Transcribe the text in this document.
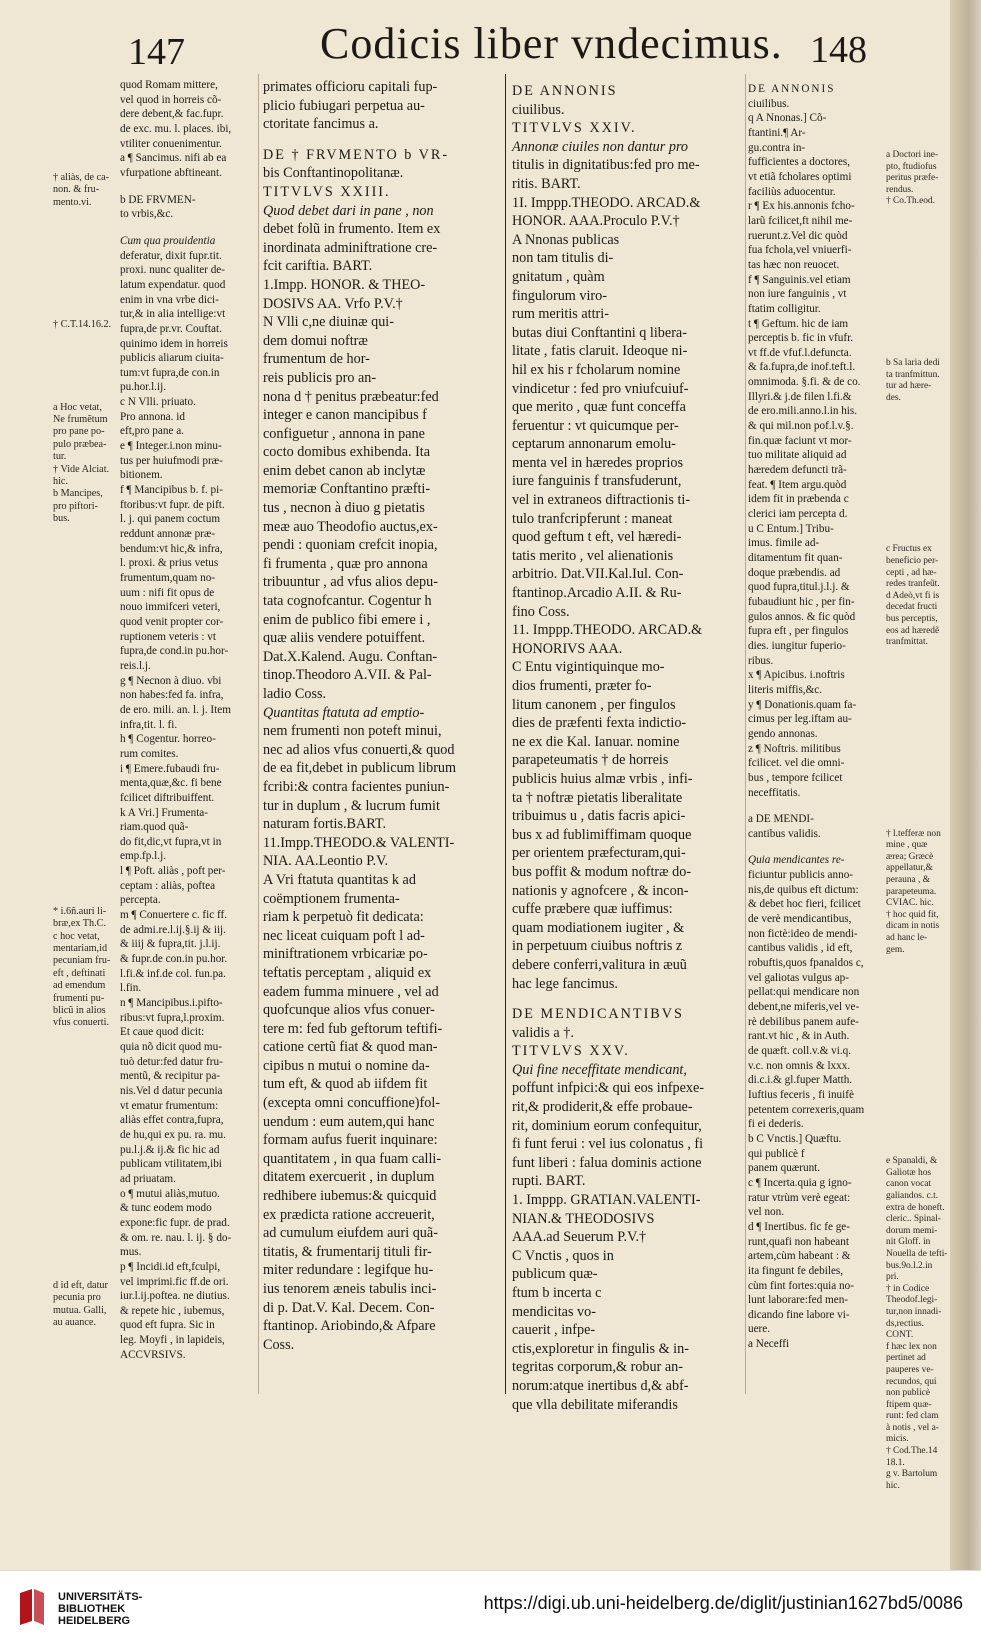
147	Codicis liber vndecimus. 148

† aliàs, de ca-
non. & fru-
mento.vi.

† C.T.14.16.2.

a Hoc vetat,
Ne frumẽtum
pro pane po-
pulo præbea-
tur.
† Vide Alciat.
hic.
b Mancipes,
pro piftori-
bus.

* i.6ñ.auri li-
bræ,ex Th.C.
c hoc vetat,
mentariam,id
pecuniam fru-
eft , deftinati
ad emendum
frumenti pu-
blicũ in alios
vfus conuerti.

d id eft, datur
pecunia pro
mutua. Galli,
au auance.

quod Romam mittere,

vel quod in horreis cõ-

dere debent,& fac.fupr.

de exc. mu. l. places. ibi,

vtiliter conuenimentur.

a ¶ Sancimus. nifi ab ea

vfurpatione abftineant.

b DE FRVMEN-

to vrbis,&c.

Cum qua prouidentia

deferatur, dixit fupr.tit.

proxi. nunc qualiter de-

latum expendatur. quod

enim in vna vrbe dici-

tur,& in alia intellige:vt

fupra,de pr.vr. Couftat.

quinimo idem in horreis

publicis aliarum ciuita-

tum:vt fupra,de con.in

pu.hor.l.ij.

c N Vlli. priuato.

Pro annona. id

eft,pro pane a.

e ¶ Integer.i.non minu-

tus per huiufmodi præ-

bitionem.

f ¶ Mancipibus b. f. pi-

ftoribus:vt fupr. de pift.

l. j. qui panem coctum

reddunt annonæ præ-

bendum:vt hic,& infra,

l. proxi. & prius vetus

frumentum,quam no-

uum : nifi fit opus de

nouo immifceri veteri,

quod venit propter cor-

ruptionem veteris : vt

fupra,de cond.in pu.hor-

reis.l.j.

g ¶ Necnon à diuo. vbi

non habes:fed fa. infra,

de ero. mili. an. l. j. Item

infra,tit. l. fi.

h ¶ Cogentur. horreo-

rum comites.

i ¶ Emere.fubaudi fru-

menta,quæ,&c. fi bene

fcilicet diftribuiffent.

k A Vri.] Frumenta-

riam.quod quã-

do fit,dic,vt fupra,vt in

emp.fp.l.j.

l ¶ Poft. aliàs , poft per-

ceptam : aliàs, poftea

percepta.

m ¶ Conuertere c. fic ff.

de admi.re.l.ij.§.ij & iij.

& iiij & fupra,tit. j.l.ij.

& fupr.de con.in pu.hor.

l.fi.& inf.de col. fun.pa.

l.fin.

n ¶ Mancipibus.i.pifto-

ribus:vt fupra,l.proxim.

Et caue quod dicit:

quia nõ dicit quod mu-

tuò detur:fed datur fru-

mentũ, & recipitur pa-

nis.Vel d datur pecunia

vt ematur frumentum:

aliàs effet contra,fupra,

de hu,qui ex pu. ra. mu.

pu.l.j.& ij.& fic hic ad

publicam vtilitatem,ibi

ad priuatam.

o ¶ mutui aliàs,mutuo.

& tunc eodem modo

expone:fic fupr. de prad.

& om. re. nau. l. ij. § do-

mus.

p ¶ Incidi.id eft,fculpi,

vel imprimi.fic ff.de ori.

iur.l.ij.poftea. ne diutius.

& repete hic , iubemus,

quod eft fupra. Sic in

leg. Moyfi , in lapideis,

ACCVRSIVS.

primates officioru capitali fup-

plicio fubiugari perpetua au-

ctoritate fancimus a.

DE † FRVMENTO b VR-

bis Conftantinopolitanæ.

TITVLVS XXIII.

Quod debet dari in pane , non

debet folũ in frumento. Item ex

inordinata adminiftratione cre-

fcit cariftia. BART.

1.Impp. HONOR. & THEO-

DOSIVS AA. Vrfo P.V.†

N Vlli c,ne diuinæ qui-

dem domui noftræ

frumentum de hor-

reis publicis pro an-

nona d † penitus præbeatur:fed

integer e canon mancipibus f

configuetur , annona in pane

cocto domibus exhibenda. Ita

enim debet canon ab inclytæ

memoriæ Conftantino præfti-

tus , necnon à diuo g pietatis

meæ auo Theodofio auctus,ex-

pendi : quoniam crefcit inopia,

fi frumenta , quæ pro annona

tribuuntur , ad vfus alios depu-

tata cognofcantur. Cogentur h

enim de publico fibi emere i ,

quæ aliis vendere potuiffent.

Dat.X.Kalend. Augu. Conftan-

tinop.Theodoro A.VII. & Pal-

ladio Coss.

Quantitas ftatuta ad emptio-

nem frumenti non poteft minui,

nec ad alios vfus conuerti,& quod

de ea fit,debet in publicum librum

fcribi:& contra facientes puniun-

tur in duplum , & lucrum fumit

naturam fortis.BART.

11.Impp.THEODO.& VALENTI-

NIA. AA.Leontio P.V.

A Vri ftatuta quantitas k ad

coëmptionem frumenta-

riam k perpetuò fit dedicata:

nec liceat cuiquam poft l ad-

miniftrationem vrbicariæ po-

teftatis perceptam , aliquid ex

eadem fumma minuere , vel ad

quofcunque alios vfus conuer-

tere m: fed fub geftorum teftifi-

catione certũ fiat & quod man-

cipibus n mutui o nomine da-

tum eft, & quod ab iifdem fit

(excepta omni concuffione)fol-

uendum : eum autem,qui hanc

formam aufus fuerit inquinare:

quantitatem , in qua fuam calli-

ditatem exercuerit , in duplum

redhibere iubemus:& quicquid

ex prædicta ratione accreuerit,

ad cumulum eiufdem auri quã-

titatis, & frumentarij tituli fir-

miter redundare : legifque hu-

ius tenorem æneis tabulis inci-

di p. Dat.V. Kal. Decem. Con-

ftantinop. Ariobindo,& Afpare

Coss.

DE ANNONIS

ciuilibus.

TITVLVS XXIV.

Annonæ ciuiles non dantur pro

titulis in dignitatibus:fed pro me-

ritis. BART.

1I. Imppp.THEODO. ARCAD.&

HONOR. AAA.Proculo P.V.†

A Nnonas publicas

non tam titulis di-

gnitatum , quàm

fingulorum viro-

rum meritis attri-

butas diui Conftantini q libera-

litate , fatis claruit. Ideoque ni-

hil ex his r fcholarum nomine

vindicetur : fed pro vniufcuiuf-

que merito , quæ funt conceffa

feruentur : vt quicumque per-

ceptarum annonarum emolu-

menta vel in hæredes proprios

iure fanguinis f transfuderunt,

vel in extraneos diftractionis ti-

tulo tranfcripferunt : maneat

quod geftum t eft, vel hæredi-

tatis merito , vel alienationis

arbitrio. Dat.VII.Kal.Iul. Con-

ftantinop.Arcadio A.II. & Ru-

fino Coss.

11. Imppp.THEODO. ARCAD.&

HONORIVS AAA.

C Entu vigintiquinque mo-

dios frumenti, præter fo-

litum canonem , per fingulos

dies de præfenti fexta indictio-

ne ex die Kal. Ianuar. nomine

parapeteumatis † de horreis

publicis huius almæ vrbis , infi-

ta † noftræ pietatis liberalitate

tribuimus u , datis facris apici-

bus x ad fublimiffimam quoque

per orientem præfecturam,qui-

bus poffit & modum noftræ do-

nationis y agnofcere , & incon-

cuffe præbere quæ iuffimus:

quam modiationem iugiter , &

in perpetuum ciuibus noftris z

debere conferri,valitura in æuũ

hac lege fancimus.

DE MENDICANTIBVS

validis a †.

TITVLVS XXV.

Qui fine neceffitate mendicant,

poffunt infpici:& qui eos infpexe-

rit,& prodiderit,& effe probaue-

rit, dominium eorum confequitur,

fi funt ferui : vel ius colonatus , fi

funt liberi : falua dominis actione

rupti. BART.

1. Imppp. GRATIAN.VALENTI-

NIAN.& THEODOSIVS

AAA.ad Seuerum P.V.†

C Vnctis , quos in

publicum quæ-

ftum b incerta c

mendicitas vo-

cauerit , infpe-

ctis,exploretur in fingulis & in-

tegritas corporum,& robur an-

norum:atque inertibus d,& abf-

que vlla debilitate miferandis

DE ANNONIS

ciuilibus.

q A Nnonas.] Cõ-

ftantini.¶ Ar-

gu.contra in-

fufficientes a doctores,

vt etiã fcholares optimi

faciliùs aduocentur.

r ¶ Ex his.annonis fcho-

larũ fcilicet,ft nihil me-

ruerunt.z.Vel dic quòd

fua fchola,vel vniuerfi-

tas hæc non reuocet.

f ¶ Sanguinis.vel etiam

non iure fanguinis , vt

ftatim colligitur.

t ¶ Geftum. hic de iam

perceptis b. fic in vfufr.

vt ff.de vfuf.l.defuncta.

& fa.fupra,de inof.teft.l.

omnimoda. §.fi. & de co.

Illyri.& j.de filen l.fi.&

de ero.mili.anno.l.in his.

& qui mil.non pof.l.v.§.

fin.quæ faciunt vt mor-

tuo militate aliquid ad

hæredem defuncti trã-

feat. ¶ Item argu.quòd

idem fit in præbenda c

clerici iam percepta d.

u C Entum.] Tribu-

imus. fimile ad-

ditamentum fit quan-

doque præbendis. ad

quod fupra,titul.j.l.j. &

fubaudiunt hic , per fin-

gulos annos. & fic quòd

fupra eft , per fingulos

dies. iungitur fuperio-

ribus.

x ¶ Apicibus. i.noftris

literis miffis,&c.

y ¶ Donationis.quam fa-

cimus per leg.iftam au-

gendo annonas.

z ¶ Noftris. militibus

fcilicet. vel die omni-

bus , tempore fcilicet

neceffitatis.

a DE MENDI-

cantibus validis.

Quia mendicantes re-

ficiuntur publicis anno-

nis,de quibus eft dictum:

& debet hoc fieri, fcilicet

de verè mendicantibus,

non fictè:ideo de mendi-

cantibus validis , id eft,

robuftis,quos fpanaldos c,

vel galiotas vulgus ap-

pellat:qui mendicare non

debent,ne miferis,vel ve-

rè debilibus panem aufe-

rant.vt hic , & in Auth.

de quæft. coll.v.& vi.q.

v.c. non omnis & lxxx.

di.c.i.& gl.fuper Matth.

Iuftius feceris , fi inuifè

petentem correxeris,quam

fi ei dederis.

b C Vnctis.] Quæftu.

qui publicè f

panem quærunt.

c ¶ Incerta.quia g igno-

ratur vtrùm verè egeat:

vel non.

d ¶ Inertibus. fic fe ge-

runt,quafi non habeant

artem,cùm habeant : &

ita fingunt fe debiles,

cùm fint fortes:quia no-

lunt laborare:fed men-

dicando fine labore vi-

uere.

a Neceffi

a Doctori ine-
pto, ftudiofus
peritus præfe-
rendus.
† Co.Th.eod.

b Sa laria dedi
ta tranfmittun.
tur ad hære-
des.

c Fructus ex
beneficio per-
cepti , ad hæ-
redes tranfeũt.
d Adeò,vt fi is
decedat fructi
bus perceptis,
eos ad hæredẽ
tranfmittat.

† l.tefferæ non
mine , quæ
ærea; Græcè
appellatur,&
perauna , &
parapeteuma.
CVIAC. hic.
† hoc quid fit,
dicam in notis
ad hanc le-
gem.

e Spanaldi, &
Galiotæ hos
canon vocat
galiandos. c.t.
extra de honeft.
cleric.. Spinal-
dorum memi-
nit Gloff. in
Nouella de tefti-
bus.9o.l.2.in
pri.
† in Codice
Theodof.legi-
tur,non innadi-
ds,rectius.
CONT.
f hæc lex non
pertinet ad
pauperes ve-
recundos, qui
non publicè
ftipem quæ-
runt: fed clam
à notis , vel a-
micis.
† Cod.The.14
18.1.
g v. Bartolum
hic.

UNIVERSITÄTS-
BIBLIOTHEK
HEIDELBERG
https://digi.ub.uni-heidelberg.de/diglit/justinian1627bd5/0086
